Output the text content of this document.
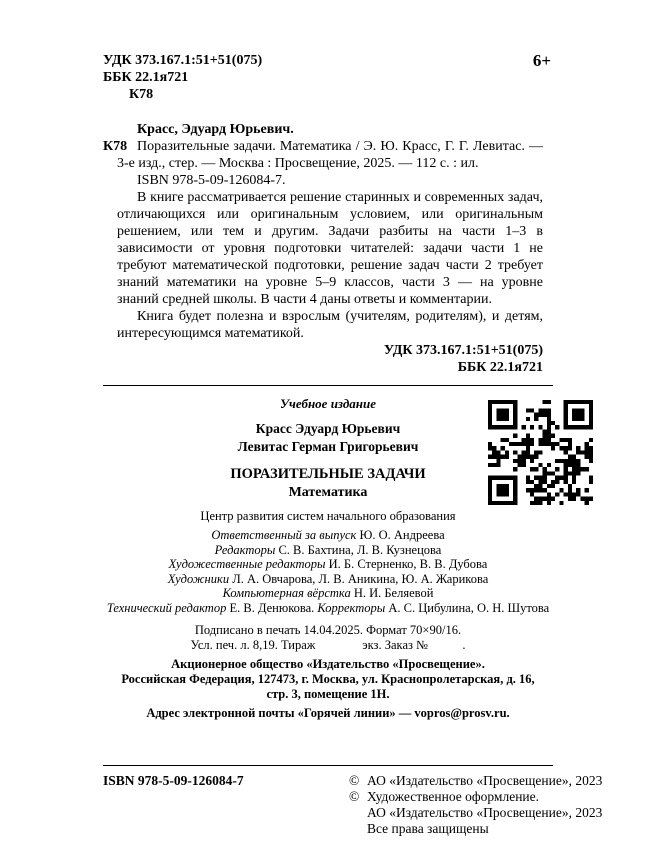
УДК 373.167.1:51+51(075)
ББК 22.1я721
К78
6+
К78

Красс, Эдуард Юрьевич.

Поразительные задачи. Математика / Э. Ю. Красс, Г. Г. Левитас. — 3-е изд., стер. — Москва : Просвещение, 2025. — 112 с. : ил.

ISBN 978-5-09-126084-7.

В книге рассматривается решение старинных и современных задач, отличающихся или оригинальным условием, или оригинальным решением, или тем и другим. Задачи разбиты на части 1–3 в зависимости от уровня подготовки читателей: задачи части 1 не требуют математической подготовки, решение задач части 2 требует знаний математики на уровне 5–9 классов, части 3 — на уровне знаний средней школы. В части 4 даны ответы и комментарии.

Книга будет полезна и взрослым (учителям, родителям), и детям, интересующимся математикой.

УДК 373.167.1:51+51(075)

ББК 22.1я721

Учебное издание

Красс Эдуард Юрьевич

Левитас Герман Григорьевич

ПОРАЗИТЕЛЬНЫЕ ЗАДАЧИ

Математика

Центр развития систем начального образования

Ответственный за выпуск Ю. О. Андреева
Редакторы С. В. Бахтина, Л. В. Кузнецова
Художественные редакторы И. Б. Стерненко, В. В. Дубова
Художники Л. А. Овчарова, Л. В. Аникина, Ю. А. Жарикова
Компьютерная вёрстка Н. И. Беляевой
Технический редактор Е. В. Денюкова. Корректоры А. С. Цибулина, О. Н. Шутова

Подписано в печать 14.04.2025. Формат 70×90/16.

Усл. печ. л. 8,19. Тираж               экз. Заказ №           .

Акционерное общество «Издательство «Просвещение».

Российская Федерация, 127473, г. Москва, ул. Краснопролетарская, д. 16,

стр. 3, помещение 1Н.

Адрес электронной почты «Горячей линии» — vopros@prosv.ru.

ISBN 978-5-09-126084-7	© АО «Издательство «Просвещение», 2023
© Художественное оформление.
АО «Издательство «Просвещение», 2023
Все права защищены
